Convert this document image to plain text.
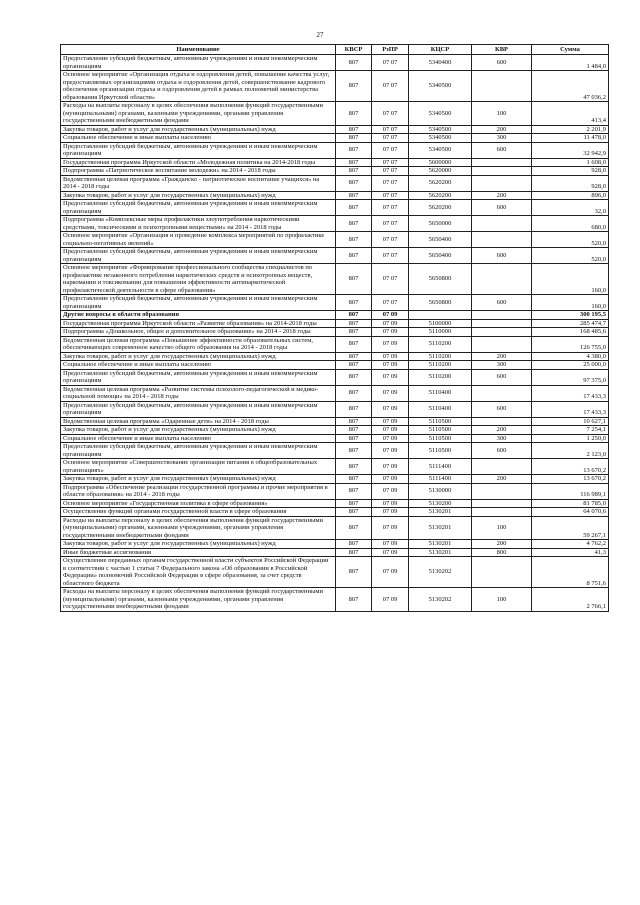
27
Наименование	КВСР	РзПР	КЦСР	КВР	Сумма
Предоставление субсидий бюджетным, автономным учреждениям и иным некоммерческим организациям	807	07 07	5340400	600	1 484,0
Основное мероприятие «Организация отдыха и оздоровления детей, повышение качества услуг, предоставляемых организациями отдыха и оздоровления детей, совершенствование кадрового обеспечения организации отдыха и оздоровления детей в рамках полномочий министерства образования Иркутской области»	807	07 07	5340500		47 036,2
Расходы на выплаты персоналу в целях обеспечения выполнения функций государственными (муниципальными) органами, казенными учреждениями, органами управления государственными внебюджетными фондами	807	07 07	5340500	100	413,4
Закупка товаров, работ и услуг для государственных (муниципальных) нужд	807	07 07	5340500	200	2 201,9
Социальное обеспечение и иные выплаты населению	807	07 07	5340500	300	11 478,0
Предоставление субсидий бюджетным, автономным учреждениям и иным некоммерческим организациям	807	07 07	5340500	600	32 942,9
Государственная программа Иркутской области «Молодежная политика на 2014-2018 годы	807	07 07	5600000		1 608,0
Подпрограмма «Патриотическое воспитание молодежи» на 2014 - 2018 годы	807	07 07	5620000		928,0
Ведомственная целевая программа «Гражданско - патриотическое воспитание учащихся» на 2014 - 2018 годы	807	07 07	5620200		928,0
Закупка товаров, работ и услуг для государственных (муниципальных) нужд	807	07 07	5620200	200	896,0
Предоставление субсидий бюджетным, автономным учреждениям и иным некоммерческим организациям	807	07 07	5620200	600	32,0
Подпрограмма «Комплексные меры профилактики злоупотребления наркотическими средствами, токсическими и психотропными веществами» на 2014 - 2018 годы	807	07 07	5650000		680,0
Основное мероприятие «Организация и проведение комплекса мероприятий по профилактике социально-негативных явлений»	807	07 07	5650400		520,0
Предоставление субсидий бюджетным, автономным учреждениям и иным некоммерческим организациям	807	07 07	5650400	600	520,0
Основное мероприятие «Формирование профессионального сообщества специалистов по профилактике незаконного потребления наркотических средств и психотропных веществ, наркомании и токсикомании для повышения эффективности антинаркотической профилактической деятельности в сфере образования»	807	07 07	5650800		160,0
Предоставление субсидий бюджетным, автономным учреждениям и иным некоммерческим организациям	807	07 07	5650800	600	160,0
Другие вопросы в области образования	807	07 09			300 195,5
Государственная программа Иркутской области «Развитие образования» на 2014-2018 годы	807	07 09	5100000		285 474,7
Подпрограмма «Дошкольное, общее и дополнительное образование» на 2014 - 2018 годы	807	07 09	5110000		168 485,6
Ведомственная целевая программа «Повышение эффективности образовательных систем, обеспечивающих современное качество общего образования на 2014 - 2018 годы	807	07 09	5110200		126 755,0
Закупка товаров, работ и услуг для государственных (муниципальных) нужд	807	07 09	5110200	200	4 380,0
Социальное обеспечение и иные выплаты населению	807	07 09	5110200	300	25 000,0
Предоставление субсидий бюджетным, автономным учреждениям и иным некоммерческим организациям	807	07 09	5110200	600	97 375,0
Ведомственная целевая программа «Развитие системы психолого-педагогической и медико-социальной помощи» на 2014 - 2018 годы	807	07 09	5110400		17 433,3
Предоставление субсидий бюджетным, автономным учреждениям и иным некоммерческим организациям	807	07 09	5110400	600	17 433,3
Ведомственная целевая программа «Одаренные дети» на 2014 - 2018 годы	807	07 09	5110500		10 627,1
Закупка товаров, работ и услуг для государственных (муниципальных) нужд	807	07 09	5110500	200	7 254,1
Социальное обеспечение и иные выплаты населению	807	07 09	5110500	300	1 250,0
Предоставление субсидий бюджетным, автономным учреждениям и иным некоммерческим организациям	807	07 09	5110500	600	2 123,0
Основное мероприятие «Совершенствование организации питания в общеобразовательных организациях»	807	07 09	5111400		13 670,2
Закупка товаров, работ и услуг для государственных (муниципальных) нужд	807	07 09	5111400	200	13 670,2
Подпрограмма «Обеспечение реализации государственной программы и прочие мероприятия в области образования» на 2014 - 2018 годы	807	07 09	5130000		116 989,1
Основное мероприятие «Государственная политика в сфере образования»	807	07 09	5130200		81 785,0
Осуществление функций органами государственной власти в сфере образования	807	07 09	5130201		64 070,6
Расходы на выплаты персоналу в целях обеспечения выполнения функций государственными (муниципальными) органами, казенными учреждениями, органами управления государственными внебюджетными фондами	807	07 09	5130201	100	59 267,1
Закупка товаров, работ и услуг для государственных (муниципальных) нужд	807	07 09	5130201	200	4 762,2
Иные бюджетные ассигнования	807	07 09	5130201	800	41,3
Осуществление переданных органам государственной власти субъектов Российской Федерации в соответствии с частью 1 статьи 7 Федерального закона «Об образовании в Российской Федерации» полномочий Российской Федерации в сфере образования, за счет средств областного бюджета	807	07 09	5130202		8 751,6
Расходы на выплаты персоналу в целях обеспечения выполнения функций государственными (муниципальными) органами, казенными учреждениями, органами управления государственными внебюджетными фондами	807	07 09	5130202	100	2 766,1
